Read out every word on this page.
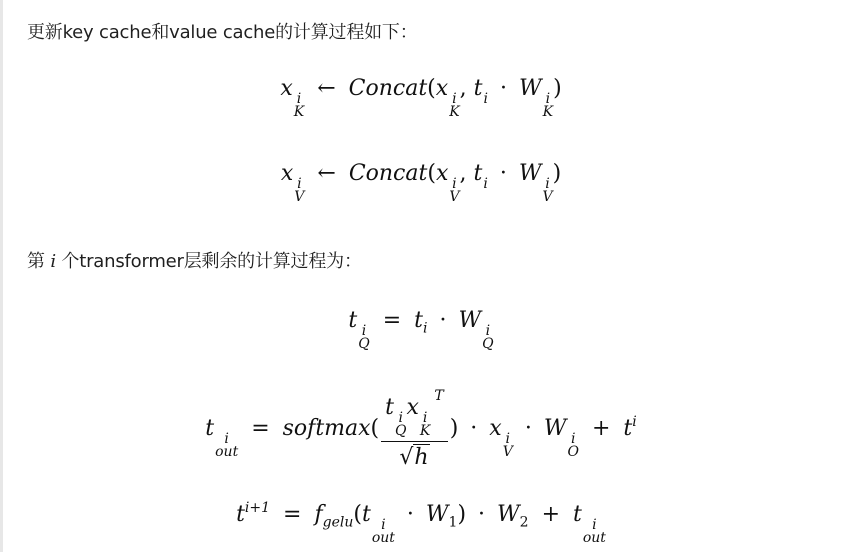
更新key cache和value cache的计算过程如下：
x i
K
← Concat(x i
K
, t i · W i
K
)
x i
V
← Concat(x i
V
, t i · W i
V
)
第 i 个transformer层剩余的计算过程为：
t i
Q
= $t_i \cdot W$ i
Q
t i
out
= softmax( t i
Q
x i
K
$^T$
√h ) · x i
V
· W i
O
+ $t^i$
$t^{i+1} = f_{gelu}(t$ i
out
· $W_1) \cdot W_2 + t$ i
out
